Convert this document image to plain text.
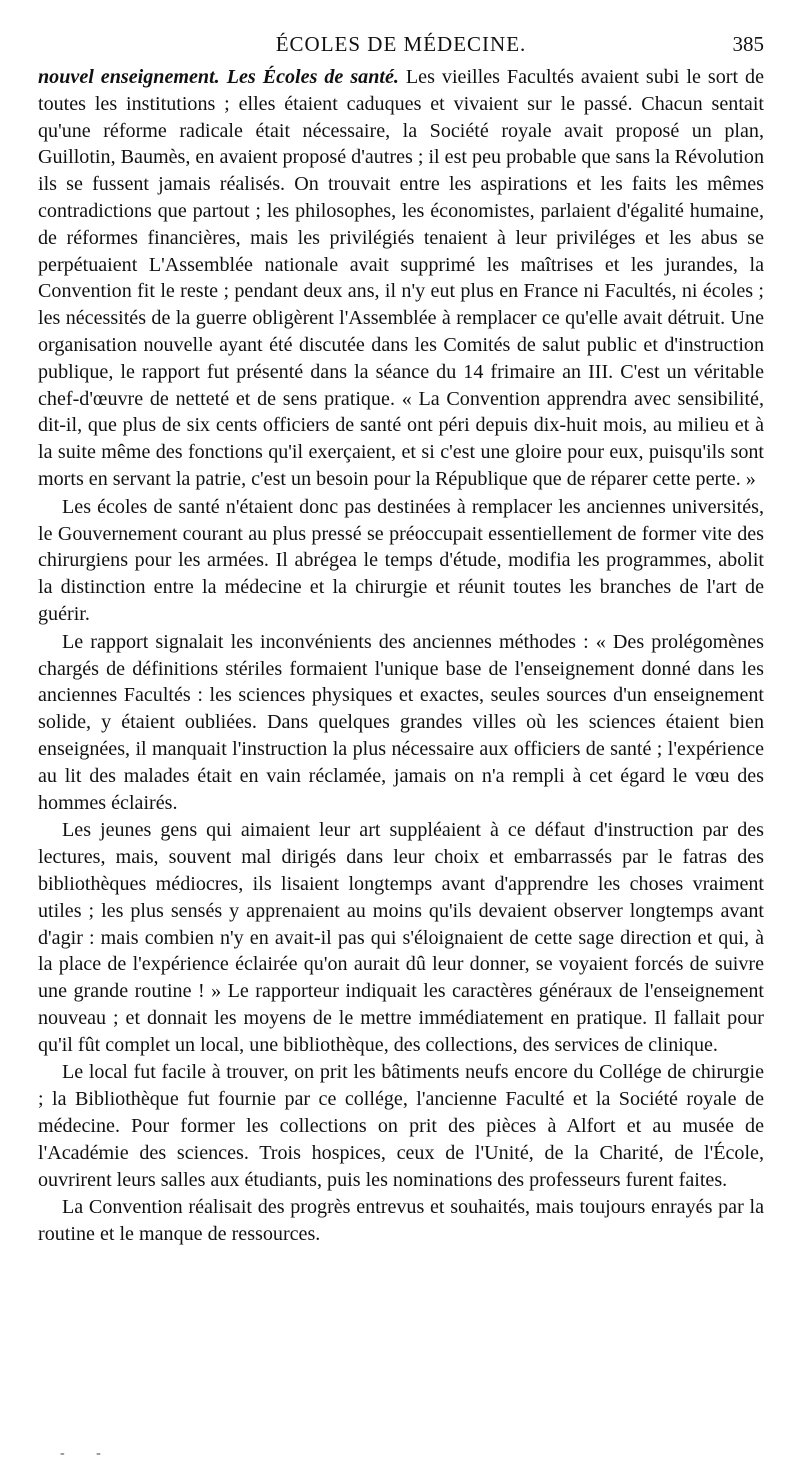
ÉCOLES DE MÉDECINE.	385

nouvel enseignement. Les Écoles de santé. Les vieilles Facultés avaient subi le sort de toutes les institutions ; elles étaient caduques et vivaient sur le passé. Chacun sentait qu'une réforme radicale était nécessaire, la Société royale avait proposé un plan, Guillotin, Baumès, en avaient proposé d'autres ; il est peu probable que sans la Révolution ils se fussent jamais réalisés. On trouvait entre les aspirations et les faits les mêmes contradictions que partout ; les philosophes, les économistes, parlaient d'égalité humaine, de réformes financières, mais les privilégiés tenaient à leur priviléges et les abus se perpétuaient L'Assemblée nationale avait supprimé les maîtrises et les jurandes, la Convention fit le reste ; pendant deux ans, il n'y eut plus en France ni Facultés, ni écoles ; les nécessités de la guerre obligèrent l'Assemblée à remplacer ce qu'elle avait détruit. Une organisation nouvelle ayant été discutée dans les Comités de salut public et d'instruction publique, le rapport fut présenté dans la séance du 14 frimaire an III. C'est un véritable chef-d'œuvre de netteté et de sens pratique. « La Convention apprendra avec sensibilité, dit-il, que plus de six cents officiers de santé ont péri depuis dix-huit mois, au milieu et à la suite même des fonctions qu'il exerçaient, et si c'est une gloire pour eux, puisqu'ils sont morts en servant la patrie, c'est un besoin pour la République que de réparer cette perte. »

Les écoles de santé n'étaient donc pas destinées à remplacer les anciennes universités, le Gouvernement courant au plus pressé se préoccupait essentiellement de former vite des chirurgiens pour les armées. Il abrégea le temps d'étude, modifia les programmes, abolit la distinction entre la médecine et la chirurgie et réunit toutes les branches de l'art de guérir.

Le rapport signalait les inconvénients des anciennes méthodes : « Des prolégomènes chargés de définitions stériles formaient l'unique base de l'enseignement donné dans les anciennes Facultés : les sciences physiques et exactes, seules sources d'un enseignement solide, y étaient oubliées. Dans quelques grandes villes où les sciences étaient bien enseignées, il manquait l'instruction la plus nécessaire aux officiers de santé ; l'expérience au lit des malades était en vain réclamée, jamais on n'a rempli à cet égard le vœu des hommes éclairés.

Les jeunes gens qui aimaient leur art suppléaient à ce défaut d'instruction par des lectures, mais, souvent mal dirigés dans leur choix et embarrassés par le fatras des bibliothèques médiocres, ils lisaient longtemps avant d'apprendre les choses vraiment utiles ; les plus sensés y apprenaient au moins qu'ils devaient observer longtemps avant d'agir : mais combien n'y en avait-il pas qui s'éloignaient de cette sage direction et qui, à la place de l'expérience éclairée qu'on aurait dû leur donner, se voyaient forcés de suivre une grande routine ! » Le rapporteur indiquait les caractères généraux de l'enseignement nouveau ; et donnait les moyens de le mettre immédiatement en pratique. Il fallait pour qu'il fût complet un local, une bibliothèque, des collections, des services de clinique.

Le local fut facile à trouver, on prit les bâtiments neufs encore du Collége de chirurgie ; la Bibliothèque fut fournie par ce collége, l'ancienne Faculté et la Société royale de médecine. Pour former les collections on prit des pièces à Alfort et au musée de l'Académie des sciences. Trois hospices, ceux de l'Unité, de la Charité, de l'École, ouvrirent leurs salles aux étudiants, puis les nominations des professeurs furent faites.

La Convention réalisait des progrès entrevus et souhaités, mais toujours enrayés par la routine et le manque de ressources.

- -
